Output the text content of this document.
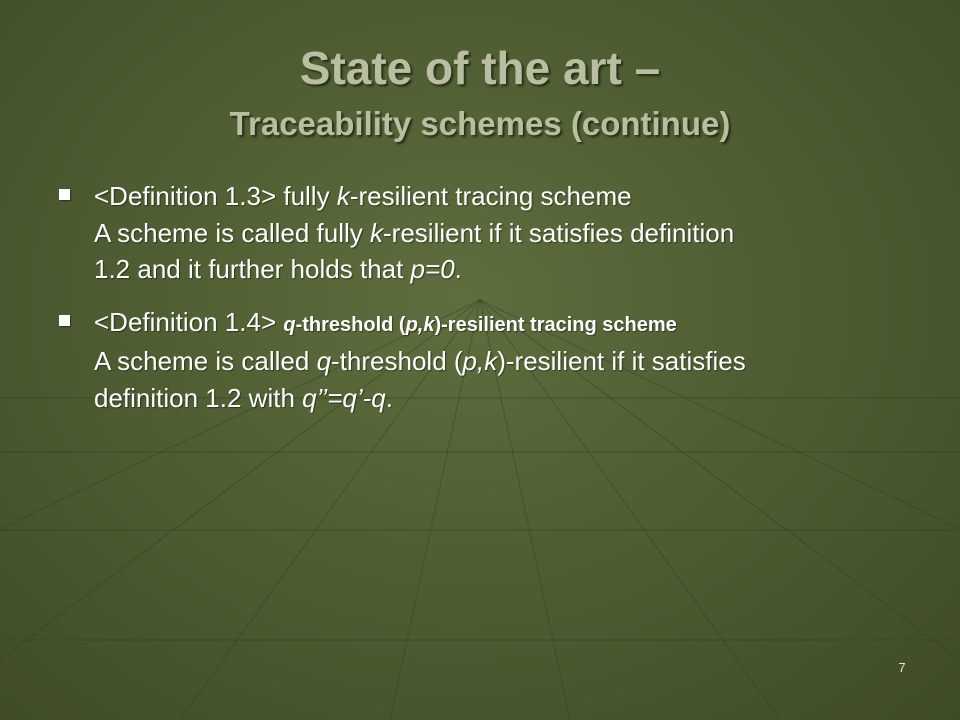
State of the art –
Traceability schemes (continue)
<Definition 1.3> fully k-resilient tracing scheme
A scheme is called fully k-resilient if it satisfies definition
1.2 and it further holds that p=0.
<Definition 1.4> q-threshold (p,k)-resilient tracing scheme
A scheme is called q-threshold (p,k)-resilient if it satisfies
definition 1.2 with q’’=q’-q.
7
